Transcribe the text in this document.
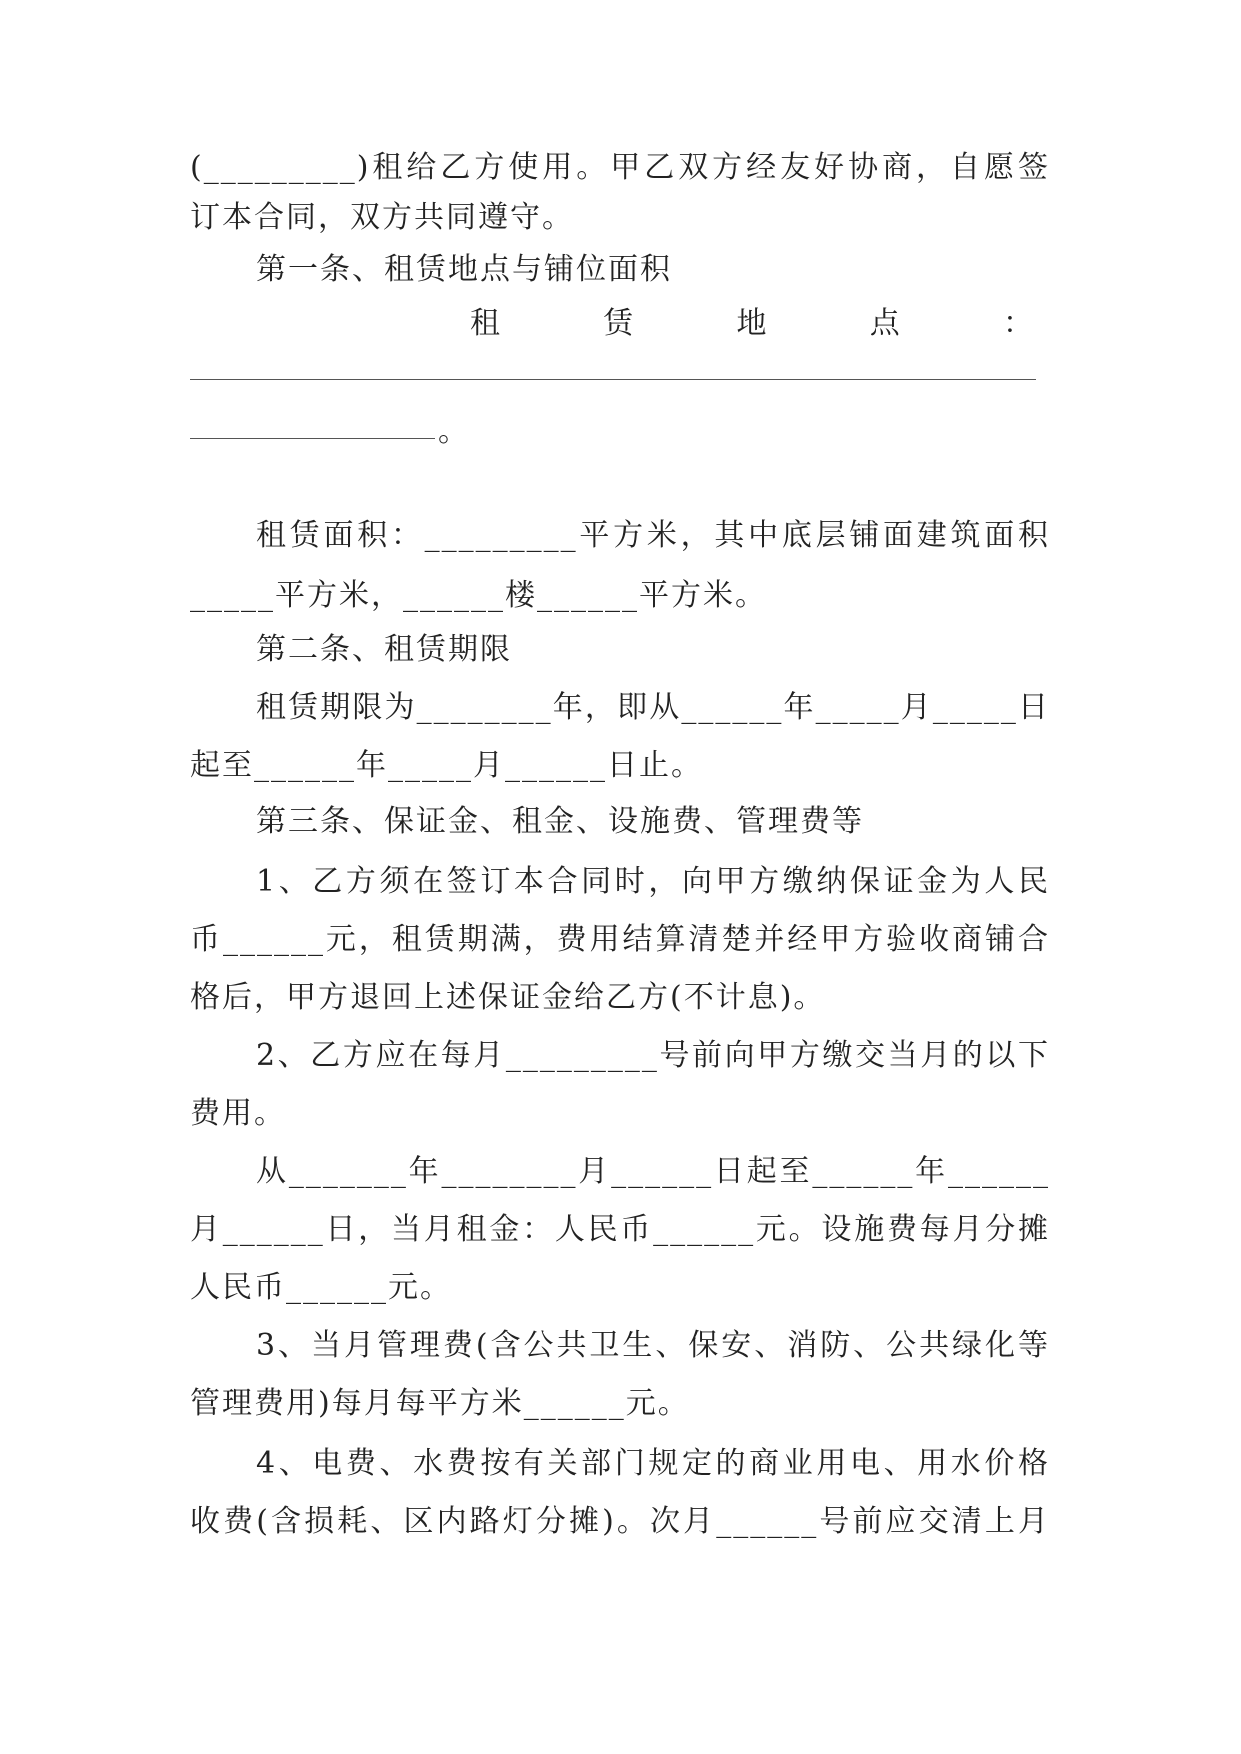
(_________)租给乙方使用。甲乙双方经友好协商，自愿签
订本合同，双方共同遵守。
第一条、租赁地点与铺位面积
租	赁	地	点	：
。
租赁面积：_________平方米，其中底层铺面建筑面积
_____平方米，______楼______平方米。
第二条、租赁期限
租赁期限为________年，即从______年_____月_____日
起至______年_____月______日止。
第三条、保证金、租金、设施费、管理费等
1、乙方须在签订本合同时，向甲方缴纳保证金为人民
币______元，租赁期满，费用结算清楚并经甲方验收商铺合
格后，甲方退回上述保证金给乙方(不计息)。
2、乙方应在每月_________号前向甲方缴交当月的以下
费用。
从_______年________月______日起至______年______
月______日，当月租金：人民币______元。设施费每月分摊
人民币______元。
3、当月管理费(含公共卫生、保安、消防、公共绿化等
管理费用)每月每平方米______元。
4、电费、水费按有关部门规定的商业用电、用水价格
收费(含损耗、区内路灯分摊)。次月______号前应交清上月
